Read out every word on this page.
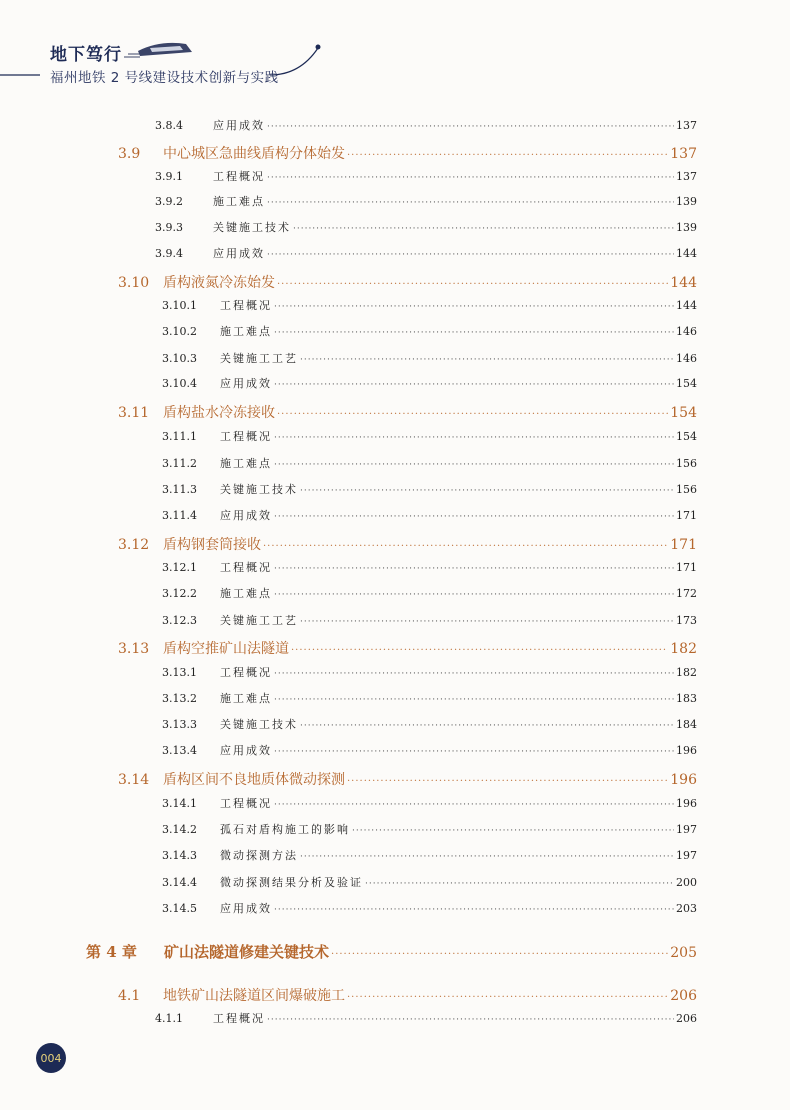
地下笃行
福州地铁 2 号线建设技术创新与实践
3.8.4	应用成效 ·····	137
3.9	中心城区急曲线盾构分体始发 ·····	137
3.9.1	工程概况 ·····	137
3.9.2	施工难点 ·····	139
3.9.3	关键施工技术 ·····	139
3.9.4	应用成效 ·····	144
3.10 盾构液氮冷冻始发 ·····	144
3.10.1	工程概况 ·····	144
3.10.2	施工难点 ·····	146
3.10.3	关键施工工艺 ·····	146
3.10.4	应用成效 ·····	154
3.11 盾构盐水冷冻接收 ·····	154
3.11.1	工程概况 ·····	154
3.11.2	施工难点 ·····	156
3.11.3	关键施工技术 ·····	156
3.11.4	应用成效 ·····	171
3.12 盾构钢套筒接收 ·····	171
3.12.1	工程概况 ·····	171
3.12.2	施工难点 ·····	172
3.12.3	关键施工工艺 ·····	173
3.13 盾构空推矿山法隧道 ·····	182
3.13.1	工程概况 ·····	182
3.13.2	施工难点 ·····	183
3.13.3	关键施工技术 ·····	184
3.13.4	应用成效 ·····	196
3.14 盾构区间不良地质体微动探测 ·····	196
3.14.1	工程概况 ·····	196
3.14.2	孤石对盾构施工的影响 ·····	197
3.14.3	微动探测方法 ·····	197
3.14.4	微动探测结果分析及验证 ·····	200
3.14.5	应用成效 ·····	203
第 4 章	矿山法隧道修建关键技术 ·····	205
4.1	地铁矿山法隧道区间爆破施工 ·····	206
4.1.1	工程概况 ·····	206
004
